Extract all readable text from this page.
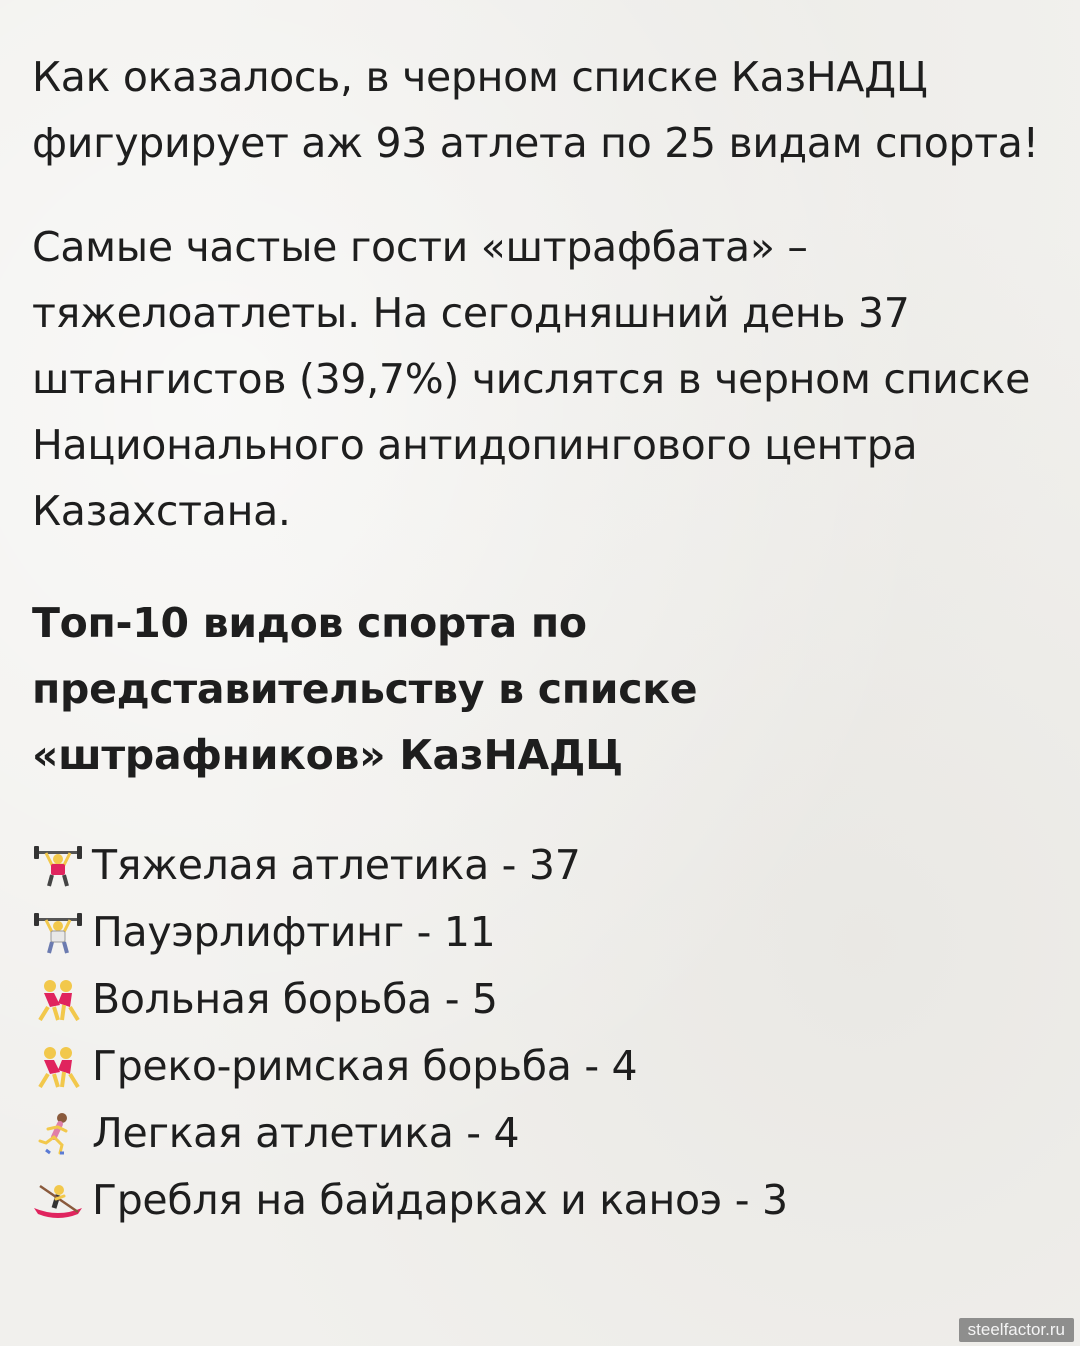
Как оказалось, в черном списке КазНАДЦ фигурирует аж 93 атлета по 25 видам спорта!

Самые частые гости «штрафбата» – тяжелоатлеты. На сегодняшний день 37 штангистов (39,7%) числятся в черном списке Национального антидопингового центра Казахстана.

Топ-10 видов спорта по представительству в списке «штрафников» КазНАДЦ
Тяжелая атлетика - 37
Пауэрлифтинг - 11
Вольная борьба - 5
Греко-римская борьба - 4
Легкая атлетика - 4
Гребля на байдарках и каноэ - 3
steelfactor.ru
